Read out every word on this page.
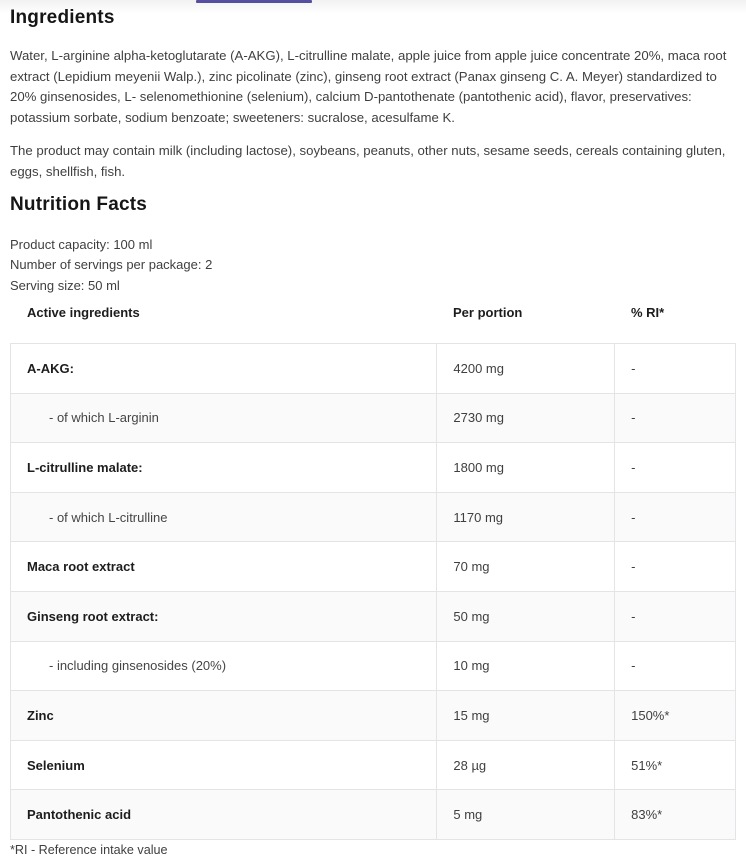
Ingredients

Water, L-arginine alpha-ketoglutarate (A-AKG), L-citrulline malate, apple juice from apple juice concentrate 20%, maca root extract (Lepidium meyenii Walp.), zinc picolinate (zinc), ginseng root extract (Panax ginseng C. A. Meyer) standardized to 20% ginsenosides, L- selenomethionine (selenium), calcium D-pantothenate (pantothenic acid), flavor, preservatives: potassium sorbate, sodium benzoate; sweeteners: sucralose, acesulfame K.

The product may contain milk (including lactose), soybeans, peanuts, other nuts, sesame seeds, cereals containing gluten, eggs, shellfish, fish.

Nutrition Facts
Product capacity: 100 ml
Number of servings per package: 2
Serving size: 50 ml
Active ingredients	Per portion	% RI*
A-AKG:	4200 mg	-
- of which L-arginin	2730 mg	-
L-citrulline malate:	1800 mg	-
- of which L-citrulline	1170 mg	-
Maca root extract	70 mg	-
Ginseng root extract:	50 mg	-
- including ginsenosides (20%)	10 mg	-
Zinc	15 mg	150%*
Selenium	28 µg	51%*
Pantothenic acid	5 mg	83%*
*RI - Reference intake value
